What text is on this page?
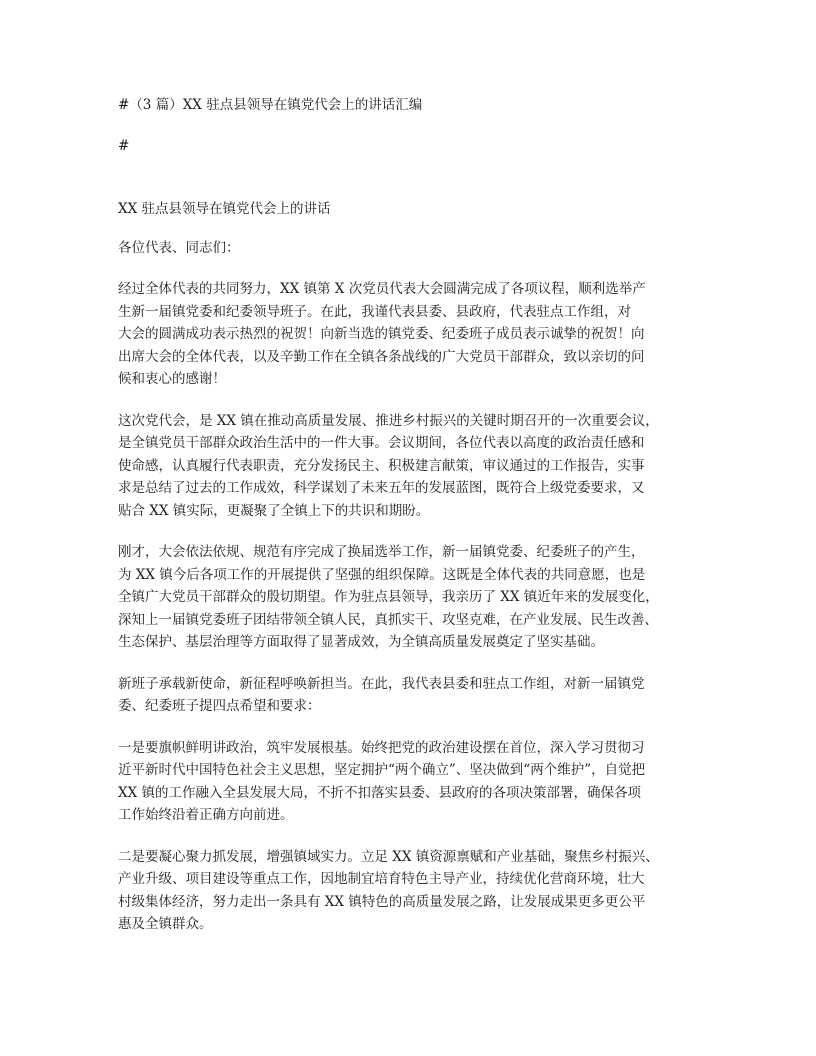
#（3 篇）XX 驻点县领导在镇党代会上的讲话汇编

#

XX 驻点县领导在镇党代会上的讲话

各位代表、同志们：

经过全体代表的共同努力，XX 镇第 X 次党员代表大会圆满完成了各项议程，顺利选举产
生新一届镇党委和纪委领导班子。在此，我谨代表县委、县政府，代表驻点工作组，对
大会的圆满成功表示热烈的祝贺！向新当选的镇党委、纪委班子成员表示诚挚的祝贺！向
出席大会的全体代表，以及辛勤工作在全镇各条战线的广大党员干部群众，致以亲切的问
候和衷心的感谢！
这次党代会，是 XX 镇在推动高质量发展、推进乡村振兴的关键时期召开的一次重要会议，
是全镇党员干部群众政治生活中的一件大事。会议期间，各位代表以高度的政治责任感和
使命感，认真履行代表职责，充分发扬民主、积极建言献策，审议通过的工作报告，实事
求是总结了过去的工作成效，科学谋划了未来五年的发展蓝图，既符合上级党委要求，又
贴合 XX 镇实际，更凝聚了全镇上下的共识和期盼。
刚才，大会依法依规、规范有序完成了换届选举工作，新一届镇党委、纪委班子的产生，
为 XX 镇今后各项工作的开展提供了坚强的组织保障。这既是全体代表的共同意愿，也是
全镇广大党员干部群众的殷切期望。作为驻点县领导，我亲历了 XX 镇近年来的发展变化，
深知上一届镇党委班子团结带领全镇人民，真抓实干、攻坚克难，在产业发展、民生改善、
生态保护、基层治理等方面取得了显著成效，为全镇高质量发展奠定了坚实基础。
新班子承载新使命，新征程呼唤新担当。在此，我代表县委和驻点工作组，对新一届镇党
委、纪委班子提四点希望和要求：
一是要旗帜鲜明讲政治，筑牢发展根基。始终把党的政治建设摆在首位，深入学习贯彻习
近平新时代中国特色社会主义思想，坚定拥护“两个确立”、坚决做到“两个维护”，自觉把
XX 镇的工作融入全县发展大局，不折不扣落实县委、县政府的各项决策部署，确保各项
工作始终沿着正确方向前进。
二是要凝心聚力抓发展，增强镇域实力。立足 XX 镇资源禀赋和产业基础，聚焦乡村振兴、
产业升级、项目建设等重点工作，因地制宜培育特色主导产业，持续优化营商环境，壮大
村级集体经济，努力走出一条具有 XX 镇特色的高质量发展之路，让发展成果更多更公平
惠及全镇群众。
